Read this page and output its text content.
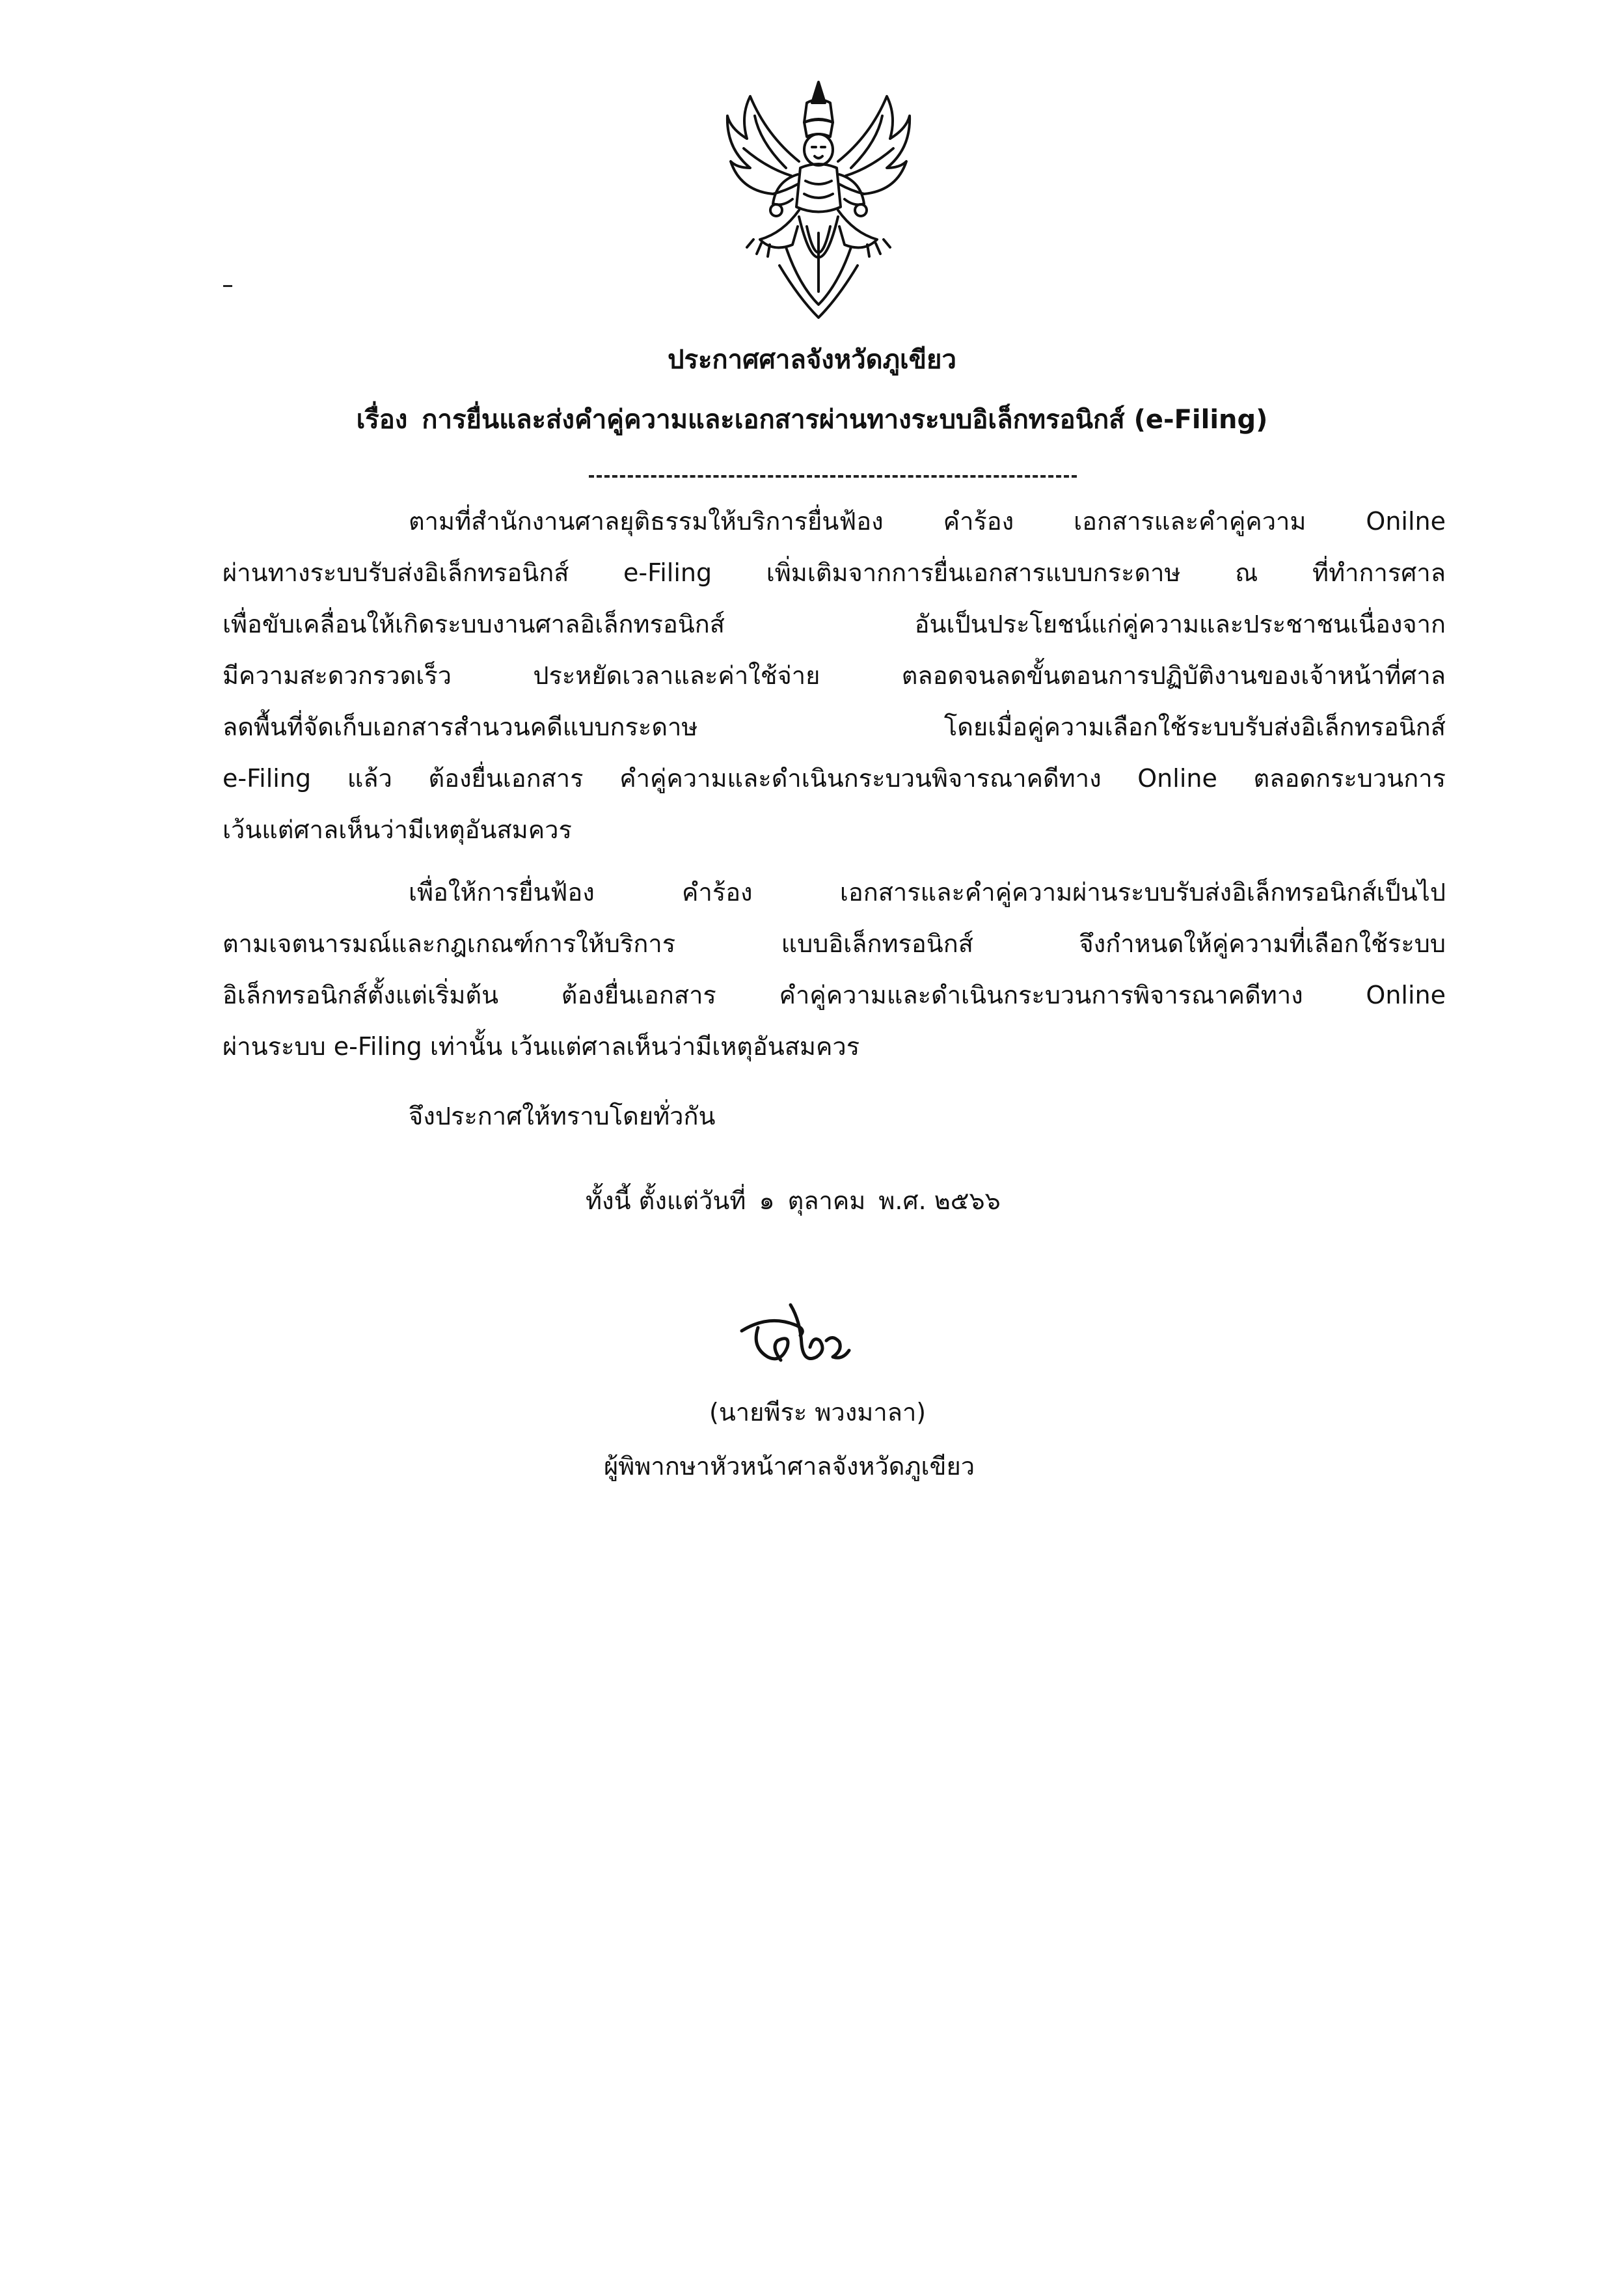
ประกาศศาลจังหวัดภูเขียว
เรื่อง การยื่นและส่งคำคู่ความและเอกสารผ่านทางระบบอิเล็กทรอนิกส์ (e-Filing)
ตามที่สำนักงานศาลยุติธรรมให้บริการยื่นฟ้อง คำร้อง เอกสารและคำคู่ความ Onilne
ผ่านทางระบบรับส่งอิเล็กทรอนิกส์ e-Filing เพิ่มเติมจากการยื่นเอกสารแบบกระดาษ ณ ที่ทำการศาล
เพื่อขับเคลื่อนให้เกิดระบบงานศาลอิเล็กทรอนิกส์ อันเป็นประโยชน์แก่คู่ความและประชาชนเนื่องจาก
มีความสะดวกรวดเร็ว ประหยัดเวลาและค่าใช้จ่าย ตลอดจนลดขั้นตอนการปฏิบัติงานของเจ้าหน้าที่ศาล
ลดพื้นที่จัดเก็บเอกสารสำนวนคดีแบบกระดาษ โดยเมื่อคู่ความเลือกใช้ระบบรับส่งอิเล็กทรอนิกส์
e-Filing แล้ว ต้องยื่นเอกสาร คำคู่ความและดำเนินกระบวนพิจารณาคดีทาง Online ตลอดกระบวนการ
เว้นแต่ศาลเห็นว่ามีเหตุอันสมควร
เพื่อให้การยื่นฟ้อง คำร้อง เอกสารและคำคู่ความผ่านระบบรับส่งอิเล็กทรอนิกส์เป็นไป
ตามเจตนารมณ์และกฎเกณฑ์การให้บริการ แบบอิเล็กทรอนิกส์ จึงกำหนดให้คู่ความที่เลือกใช้ระบบ
อิเล็กทรอนิกส์ตั้งแต่เริ่มต้น ต้องยื่นเอกสาร คำคู่ความและดำเนินกระบวนการพิจารณาคดีทาง Online
ผ่านระบบ e-Filing เท่านั้น เว้นแต่ศาลเห็นว่ามีเหตุอันสมควร
จึงประกาศให้ทราบโดยทั่วกัน
ทั้งนี้ ตั้งแต่วันที่ ๑ ตุลาคม พ.ศ. ๒๕๖๖
(นายพีระ พวงมาลา)
ผู้พิพากษาหัวหน้าศาลจังหวัดภูเขียว
